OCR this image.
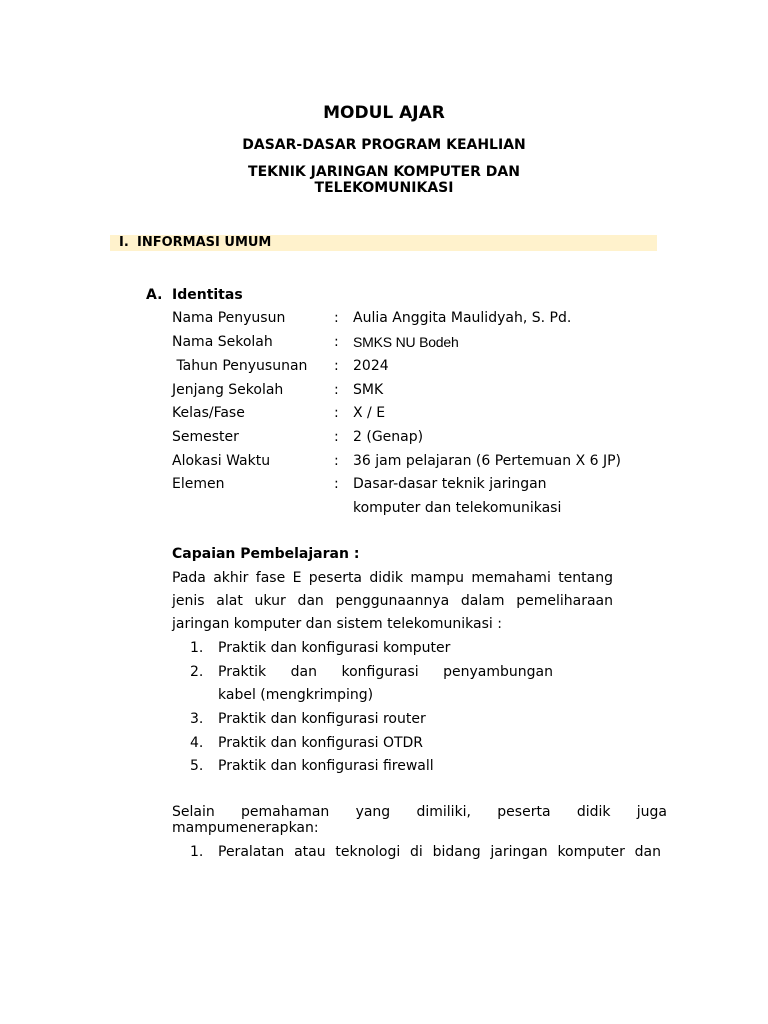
MODUL AJAR
DASAR-DASAR PROGRAM KEAHLIAN
TEKNIK JARINGAN KOMPUTER DAN TELEKOMUNIKASI
I. INFORMASI UMUM
A. Identitas
Nama Penyusun	: Aulia Anggita Maulidyah, S. Pd.
Nama Sekolah	: SMKS NU Bodeh
Tahun Penyusunan : 2024
Jenjang Sekolah	: SMK
Kelas/Fase	: X / E
Semester	: 2 (Genap)
Alokasi Waktu	: 36 jam pelajaran (6 Pertemuan X 6 JP)
Elemen	: Dasar-dasar teknik jaringan
komputer dan telekomunikasi
Capaian Pembelajaran :
Pada akhir fase E peserta didik mampu memahami tentang
jenis alat ukur dan penggunaannya dalam pemeliharaan
jaringan komputer dan sistem telekomunikasi :
1. Praktik dan konfigurasi komputer
2. Praktik dan konfigurasi penyambungan
kabel (mengkrimping)
3. Praktik dan konfigurasi router
4. Praktik dan konfigurasi OTDR
5. Praktik dan konfigurasi firewall
Selain pemahaman yang dimiliki, peserta didik juga
mampumenerapkan:
1. Peralatan atau teknologi di bidang jaringan komputer dan
